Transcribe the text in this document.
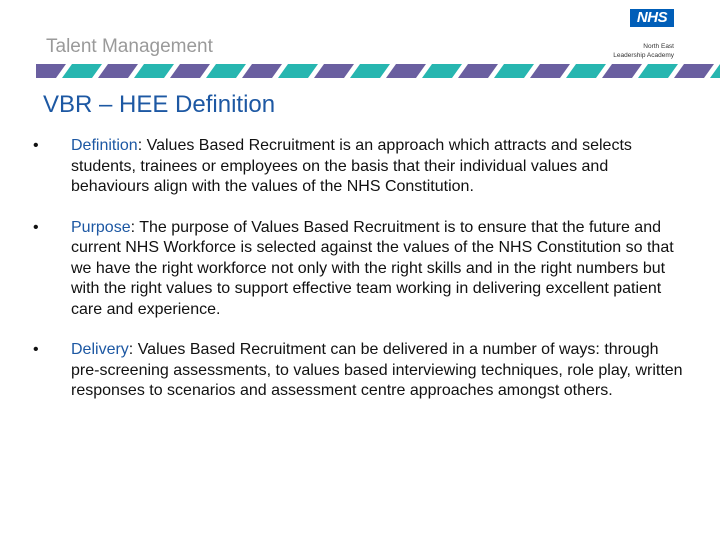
Talent Management
NHS
North East
Leadership Academy
VBR – HEE Definition
•	Definition: Values Based Recruitment is an approach which attracts and selects students, trainees or employees on the basis that their individual values and behaviours align with the values of the NHS Constitution.
•	Purpose: The purpose of Values Based Recruitment is to ensure that the future and current NHS Workforce is selected against the values of the NHS Constitution so that we have the right workforce not only with the right skills and in the right numbers but with the right values to support effective team working in delivering excellent patient care and experience.
•	Delivery: Values Based Recruitment can be delivered in a number of ways: through pre-screening assessments, to values based interviewing techniques, role play, written responses to scenarios and assessment centre approaches amongst others.
